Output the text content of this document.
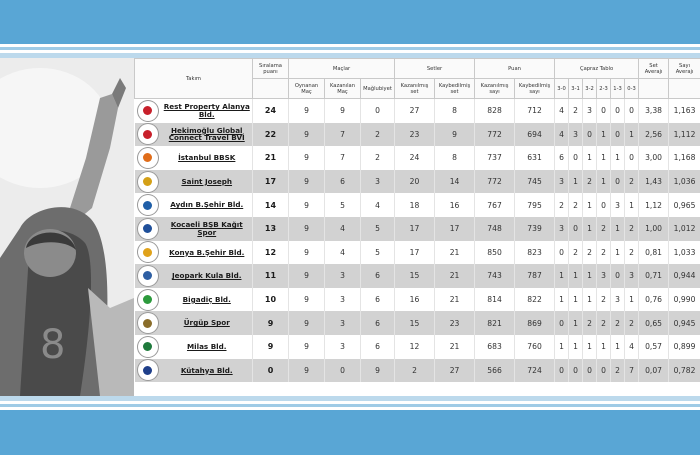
8
Takım	Sıralama puanı	Maçlar			Setler		Puan		Çapraz Tablo						Set Averajı	Sayı Averajı
		Oynanan Maç	Kazanılan Maç	Mağlubiyet	Kazanılmış set	Kaybedilmiş set	Kazanılmış sayı	Kaybedilmiş sayı	3-0	3-1	3-2	2-3	1-3	0-3		

Rest Property Alanya Bld.	24	9	9	0	27	8	828	712	4	2	3	0	0	0	3,38	1,163

Hekimoğlu Global Connect Travel BVİ	22	9	7	2	23	9	772	694	4	3	0	1	0	1	2,56	1,112

İstanbul BBSK	21	9	7	2	24	8	737	631	6	0	1	1	1	0	3,00	1,168

Saint Joseph	17	9	6	3	20	14	772	745	3	1	2	1	0	2	1,43	1,036

Aydın B.Şehir Bld.	14	9	5	4	18	16	767	795	2	2	1	0	3	1	1,12	0,965

Kocaeli BŞB Kağıt Spor	13	9	4	5	17	17	748	739	3	0	1	2	1	2	1,00	1,012

Konya B.Şehir Bld.	12	9	4	5	17	21	850	823	0	2	2	2	1	2	0,81	1,033

Jeopark Kula Bld.	11	9	3	6	15	21	743	787	1	1	1	3	0	3	0,71	0,944

Bigadiç Bld.	10	9	3	6	16	21	814	822	1	1	1	2	3	1	0,76	0,990

Ürgüp Spor	9	9	3	6	15	23	821	869	0	1	2	2	2	2	0,65	0,945

Milas Bld.	9	9	3	6	12	21	683	760	1	1	1	1	1	4	0,57	0,899

Kütahya Bld.	0	9	0	9	2	27	566	724	0	0	0	0	2	7	0,07	0,782
